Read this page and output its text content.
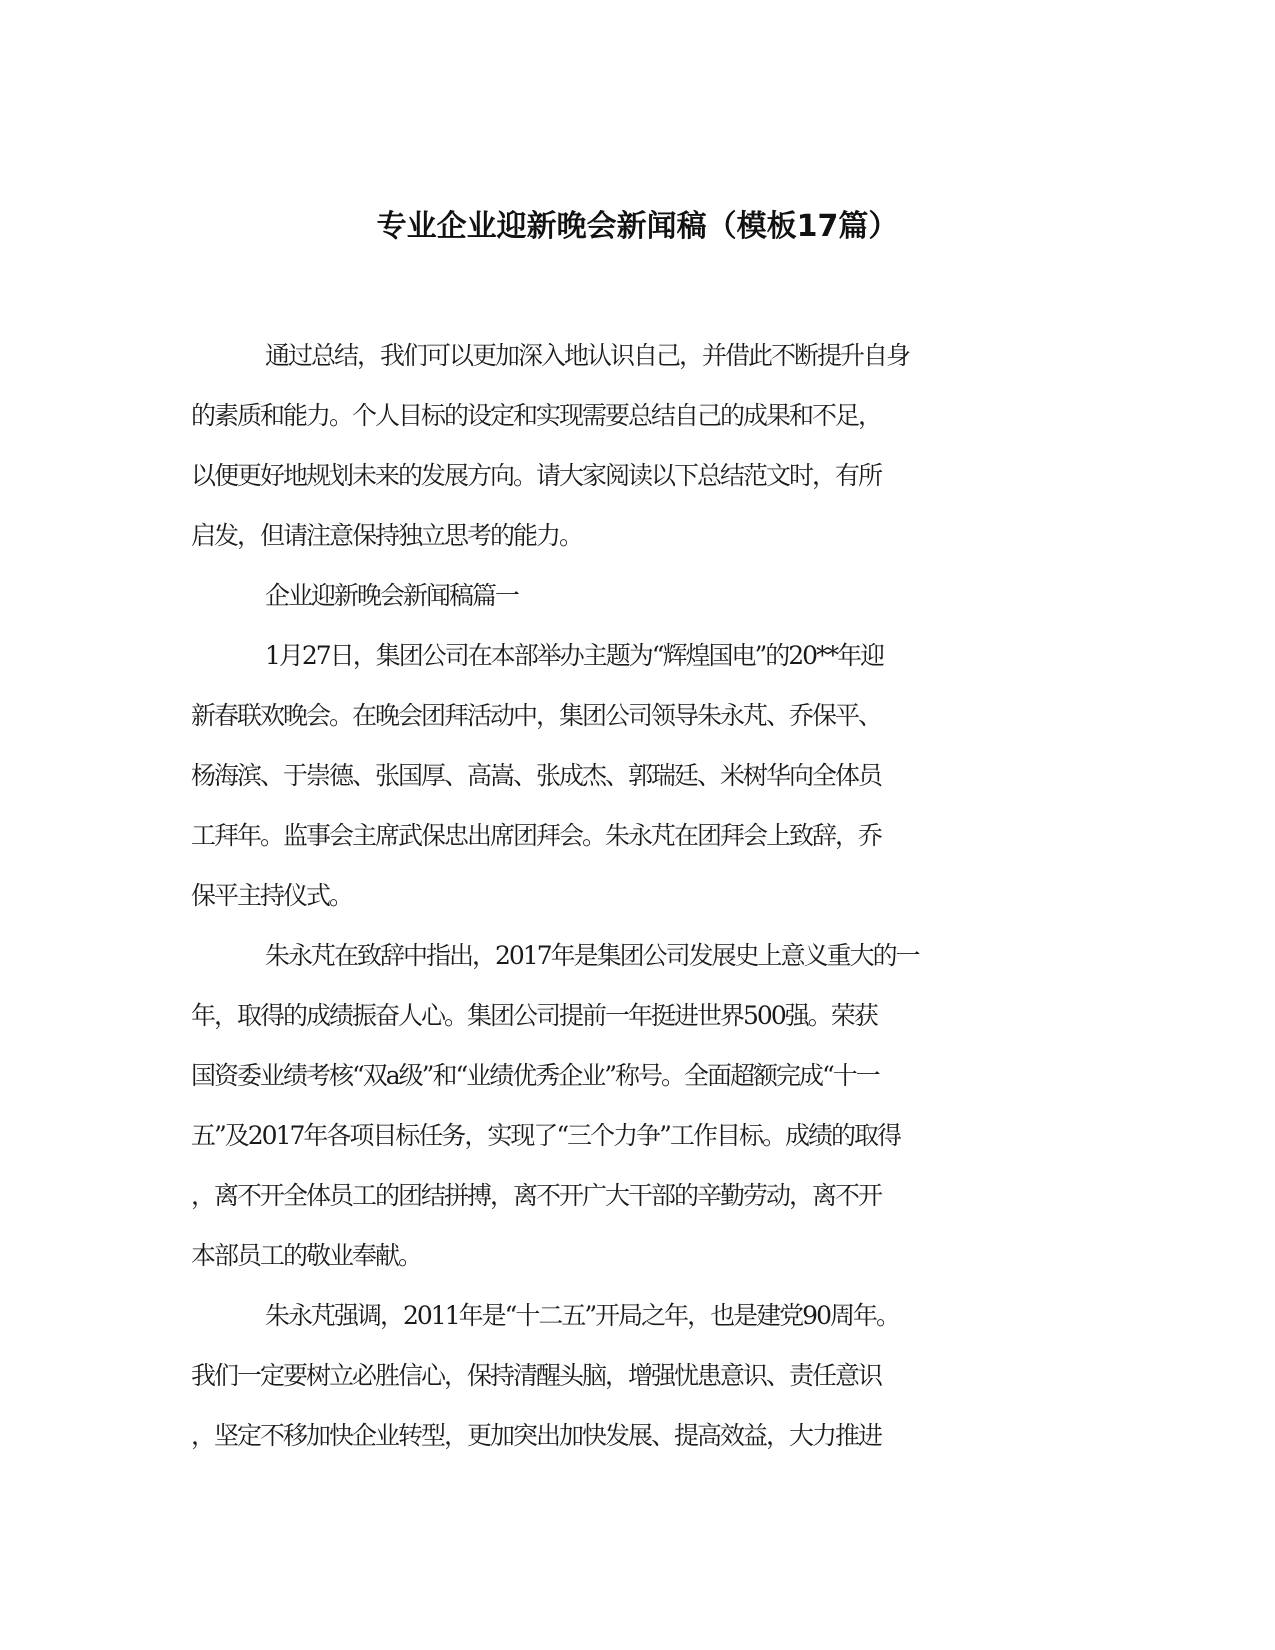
专业企业迎新晚会新闻稿（模板17篇）
通过总结，我们可以更加深入地认识自己，并借此不断提升自身
的素质和能力。个人目标的设定和实现需要总结自己的成果和不足，
以便更好地规划未来的发展方向。请大家阅读以下总结范文时，有所
启发，但请注意保持独立思考的能力。
企业迎新晚会新闻稿篇一
1月27日，集团公司在本部举办主题为“辉煌国电”的20**年迎
新春联欢晚会。在晚会团拜活动中，集团公司领导朱永芃、乔保平、
杨海滨、于崇德、张国厚、高嵩、张成杰、郭瑞廷、米树华向全体员
工拜年。监事会主席武保忠出席团拜会。朱永芃在团拜会上致辞，乔
保平主持仪式。
朱永芃在致辞中指出，2017年是集团公司发展史上意义重大的一
年，取得的成绩振奋人心。集团公司提前一年挺进世界500强。荣获
国资委业绩考核“双a级”和“业绩优秀企业”称号。全面超额完成“十一
五”及2017年各项目标任务，实现了“三个力争”工作目标。成绩的取得
，离不开全体员工的团结拼搏，离不开广大干部的辛勤劳动，离不开
本部员工的敬业奉献。
朱永芃强调，2011年是“十二五”开局之年，也是建党90周年。
我们一定要树立必胜信心，保持清醒头脑，增强忧患意识、责任意识
，坚定不移加快企业转型，更加突出加快发展、提高效益，大力推进
